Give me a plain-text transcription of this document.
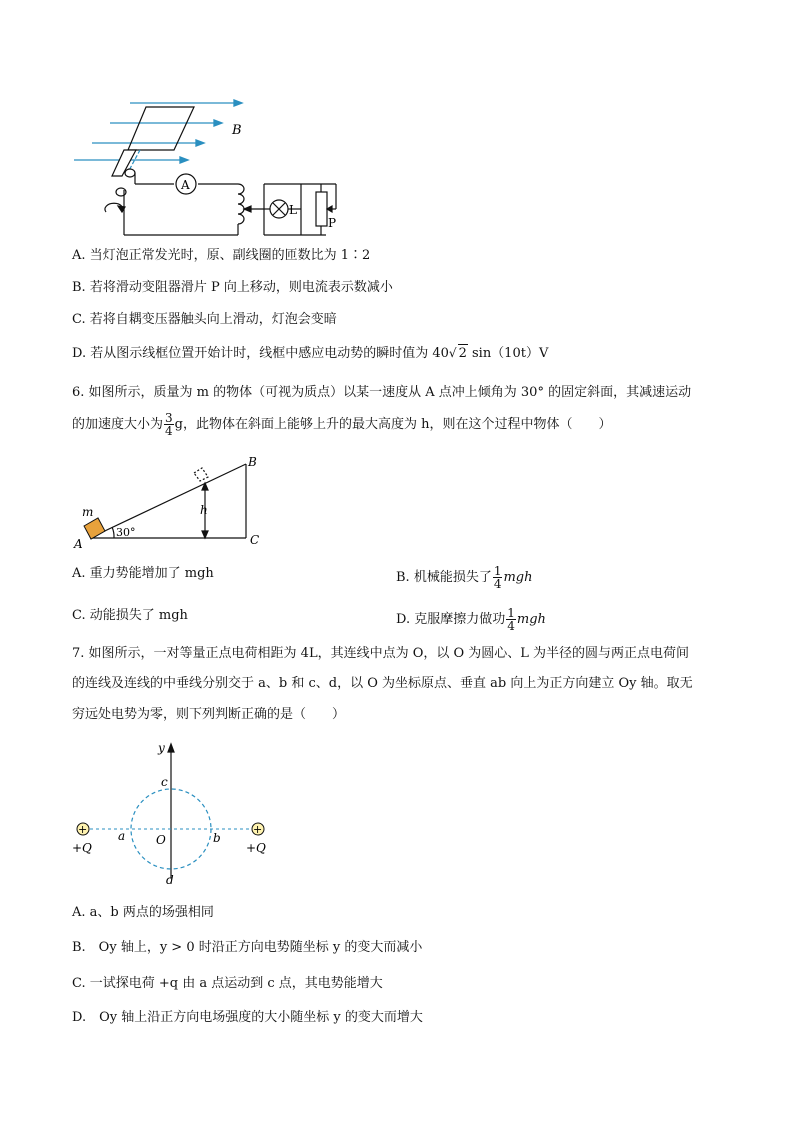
B
A
L
P
A. 当灯泡正常发光时，原、副线圈的匝数比为 1∶2
B. 若将滑动变阻器滑片 P 向上移动，则电流表示数减小
C. 若将自耦变压器触头向上滑动，灯泡会变暗
D. 若从图示线框位置开始计时，线框中感应电动势的瞬时值为 40√ 2 sin（10t）V
6. 如图所示，质量为 m 的物体（可视为质点）以某一速度从 A 点冲上倾角为 30° 的固定斜面，其减速运动
的加速度大小为 $\frac{3}{4}$ g，此物体在斜面上能够上升的最大高度为 h，则在这个过程中物体（　　）
m
A
B
C
h
30°
A. 重力势能增加了 mgh	B. 机械能损失了 $\frac{1}{4}$ mgh
C. 动能损失了 mgh	D. 克服摩擦力做功 $\frac{1}{4}$ mgh
7. 如图所示，一对等量正点电荷相距为 4L，其连线中点为 O，以 O 为圆心、L 为半径的圆与两正点电荷间
的连线及连线的中垂线分别交于 a、b 和 c、d，以 O 为坐标原点、垂直 ab 向上为正方向建立 Oy 轴。取无
穷远处电势为零，则下列判断正确的是（　　）
+	+
y
c
a	O	b
d
+Q	+Q
A. a、b 两点的场强相同
B.　Oy 轴上，y > 0 时沿正方向电势随坐标 y 的变大而减小
C. 一试探电荷 +q 由 a 点运动到 c 点，其电势能增大
D.　Oy 轴上沿正方向电场强度的大小随坐标 y 的变大而增大
